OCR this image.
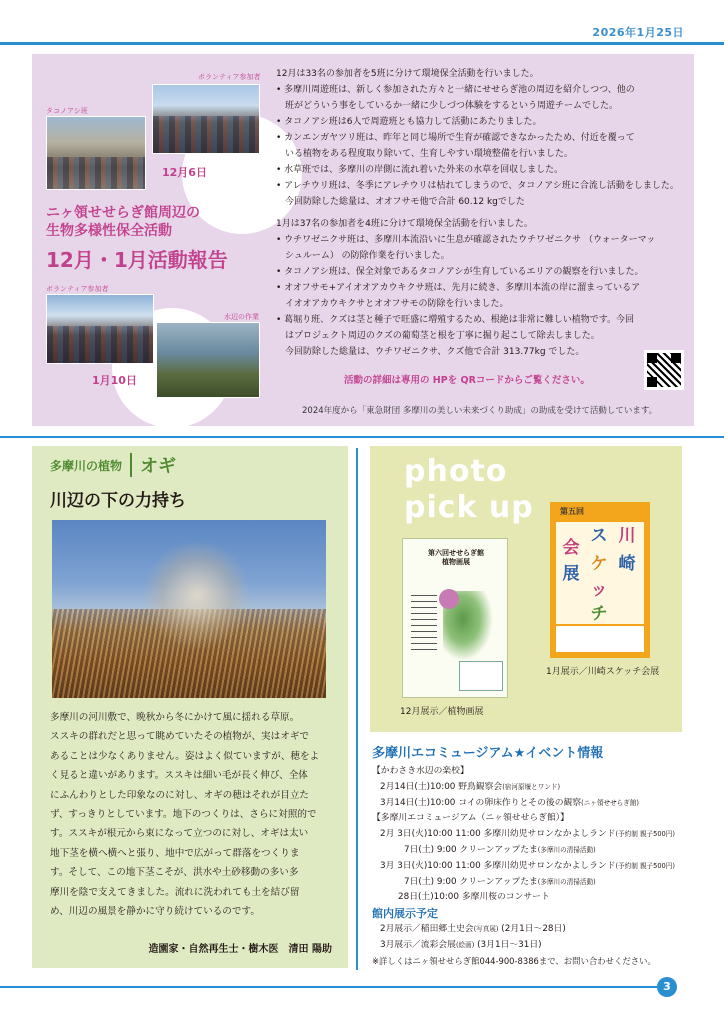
2026年1月25日
ボランティア参加者
タコノアシ班
12月6日
ニヶ領せせらぎ館周辺の
生物多様性保全活動
12月・1月活動報告
ボランティア参加者
水辺の作業
1月10日

12月は33名の参加者を5班に分けて環境保全活動を行いました。

• 多摩川周遊班は、新しく参加された方々と一緒にせせらぎ池の周辺を紹介しつつ、他の

班がどういう事をしているか一緒に少しづつ体験をするという周遊チームでした。

• タコノアシ班は6人で周遊班とも協力して活動にあたりました。

• カンエンガヤツリ班は、昨年と同じ場所で生育が確認できなかったため、付近を覆って

いる植物をある程度取り除いて、生育しやすい環境整備を行いました。

• 水草班では、多摩川の岸側に流れ着いた外来の水草を回収しました。

• アレチウリ班は、冬季にアレチウリは枯れてしまうので、タコノアシ班に合流し活動をしました。

今回防除した総量は、オオフサモ他で合計 60.12 kgでした

1月は37名の参加者を4班に分けて環境保全活動を行いました。

• ウチワゼニクサ班は、多摩川本流沿いに生息が確認されたウチワゼニクサ （ウォーターマッ

シュルーム） の防除作業を行いました。

• タコノアシ班は、保全対象であるタコノアシが生育しているエリアの観察を行いました。

• オオフサモ+アイオオアカウキクサ班は、先月に続き、多摩川本流の岸に溜まっているア

イオオアカウキクサとオオフサモの防除を行いました。

• 葛堀り班、クズは茎と種子で旺盛に増殖するため、根絶は非常に難しい植物です。今回

はプロジェクト周辺のクズの葡萄茎と根を丁寧に掘り起こして除去しました。

今回防除した総量は、ウチワゼニクサ、クズ他で合計 313.77kg でした。

活動の詳細は専用の HPを QRコードからご覧ください。
2024年度から「東急財団 多摩川の美しい未来づくり助成」の助成を受けて活動しています。
多摩川の植物 オギ
川辺の下の力持ち

多摩川の河川敷で、晩秋から冬にかけて風に揺れる草原。

ススキの群れだと思って眺めていたその植物が、実はオギで

あることは少なくありません。姿はよく似ていますが、穂をよ

く見ると違いがあります。ススキは細い毛が長く伸び、全体

にふんわりとした印象なのに対し、オギの穂はそれが目立た

ず、すっきりとしています。地下のつくりは、さらに対照的で

す。ススキが根元から束になって立つのに対し、オギは太い

地下茎を横へ横へと張り、地中で広がって群落をつくりま

す。そして、この地下茎こそが、洪水や土砂移動の多い多

摩川を陰で支えてきました。流れに洗われても土を結び留

め、川辺の風景を静かに守り続けているのです。

造園家・自然再生士・樹木医　清田 陽助
photo
pick up
第六回せせらぎ館
植物画展
12月展示／植物画展
第五回
会
ス 川
展 ケ 崎
ッ
チ
1月展示／川崎スケッチ会展
多摩川エコミュージアム★イベント情報

【かわさき水辺の楽校】

2月14日(土)10:00 野鳥観察会(宿河原堰とワンド)

3月14日(土)10:00 コイの卵床作りとその後の観察(ニヶ領せせらぎ館)

【多摩川エコミュージアム（ニヶ領せせらぎ館）】

2月 3日(火)10:00 11:00 多摩川幼児サロンなかよしランド(予約制 親子500円)

7日(土) 9:00 クリーンアップたま(多摩川の清掃活動)

3月 3日(火)10:00 11:00 多摩川幼児サロンなかよしランド(予約制 親子500円)

7日(土) 9:00 クリーンアップたま(多摩川の清掃活動)

28日(土)10:00 多摩川桜のコンサート

館内展示予定

2月展示／稲田郷土史会(写真展) (2月1日～28日)

3月展示／流彩会展(絵画) (3月1日～31日)

※詳しくはニヶ領せせらぎ館044-900-8386まで、お問い合わせください。

3
